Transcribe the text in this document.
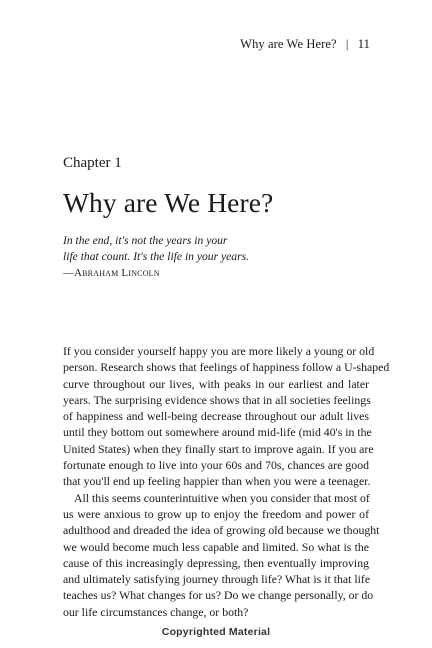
Why are We Here? | 11
Chapter 1
Why are We Here?
In the end, it's not the years in your
life that count. It's the life in your years.
—Abraham Lincoln
If you consider yourself happy you are more likely a young or old
person. Research shows that feelings of happiness follow a U-shaped
curve throughout our lives, with peaks in our earliest and later
years. The surprising evidence shows that in all societies feelings
of happiness and well-being decrease throughout our adult lives
until they bottom out somewhere around mid-life (mid 40's in the
United States) when they finally start to improve again. If you are
fortunate enough to live into your 60s and 70s, chances are good
that you'll end up feeling happier than when you were a teenager.
All this seems counterintuitive when you consider that most of
us were anxious to grow up to enjoy the freedom and power of
adulthood and dreaded the idea of growing old because we thought
we would become much less capable and limited. So what is the
cause of this increasingly depressing, then eventually improving
and ultimately satisfying journey through life? What is it that life
teaches us? What changes for us? Do we change personally, or do
our life circumstances change, or both?
Copyrighted Material
